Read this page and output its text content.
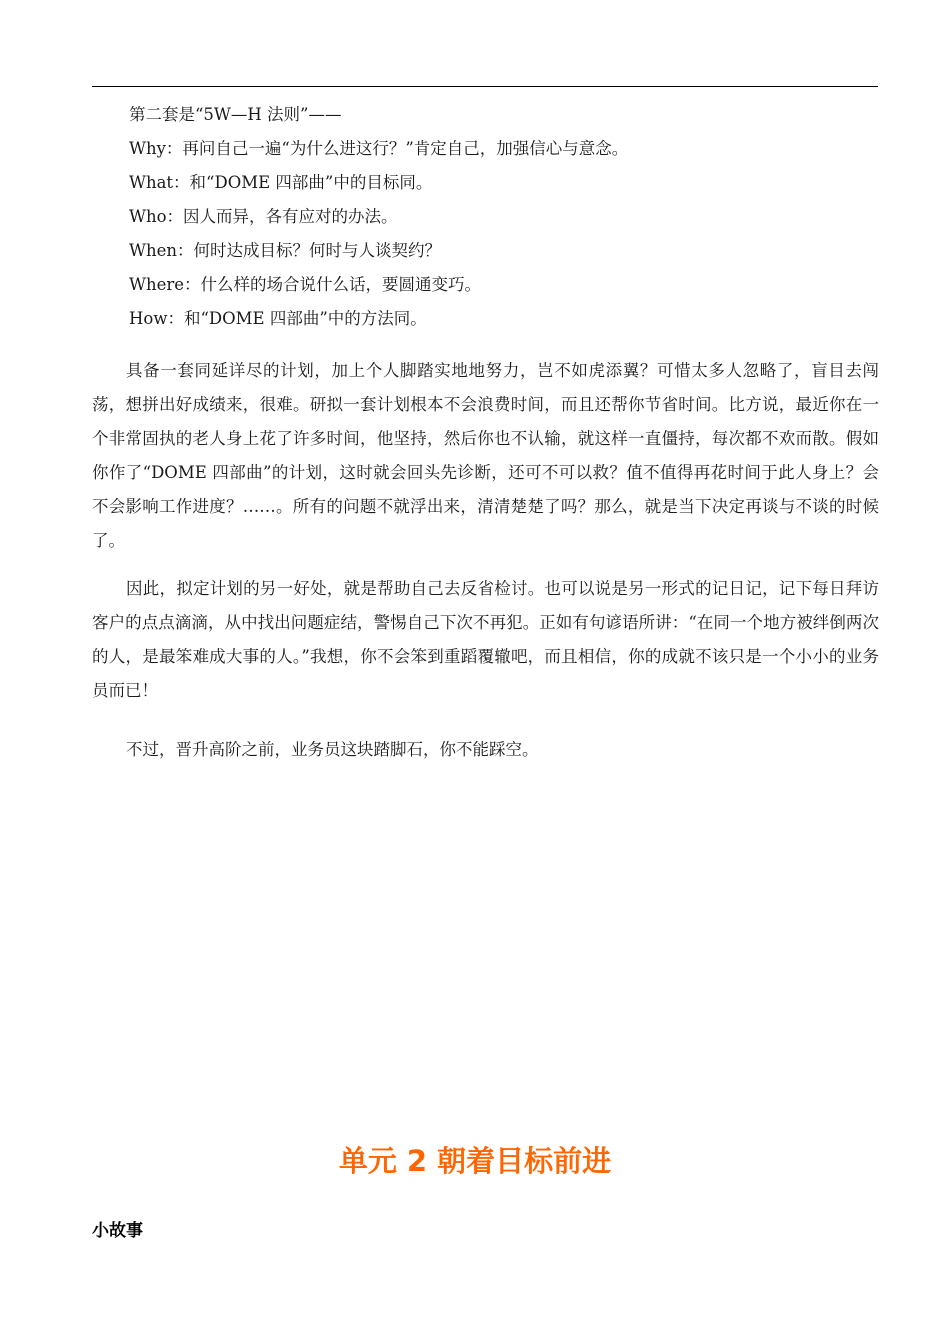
第二套是“5W—H 法则”——
Why：再问自己一遍“为什么进这行？”肯定自己，加强信心与意念。
What：和“DOME 四部曲”中的目标同。
Who：因人而异，各有应对的办法。
When：何时达成目标？何时与人谈契约？
Where：什么样的场合说什么话，要圆通变巧。
How：和“DOME 四部曲”中的方法同。

具备一套同延详尽的计划，加上个人脚踏实地地努力，岂不如虎添翼？可惜太多人忽略了，盲目去闯荡，想拼出好成绩来，很难。研拟一套计划根本不会浪费时间，而且还帮你节省时间。比方说，最近你在一个非常固执的老人身上花了许多时间，他坚持，然后你也不认输，就这样一直僵持，每次都不欢而散。假如你作了“DOME 四部曲”的计划，这时就会回头先诊断，还可不可以救？值不值得再花时间于此人身上？会不会影响工作进度？……。所有的问题不就浮出来，清清楚楚了吗？那么，就是当下决定再谈与不谈的时候了。

因此，拟定计划的另一好处，就是帮助自己去反省检讨。也可以说是另一形式的记日记，记下每日拜访客户的点点滴滴，从中找出问题症结，警惕自己下次不再犯。正如有句谚语所讲：“在同一个地方被绊倒两次的人，是最笨难成大事的人。”我想，你不会笨到重蹈覆辙吧，而且相信，你的成就不该只是一个小小的业务员而已！

不过，晋升高阶之前，业务员这块踏脚石，你不能踩空。

单元 2 朝着目标前进
小故事
